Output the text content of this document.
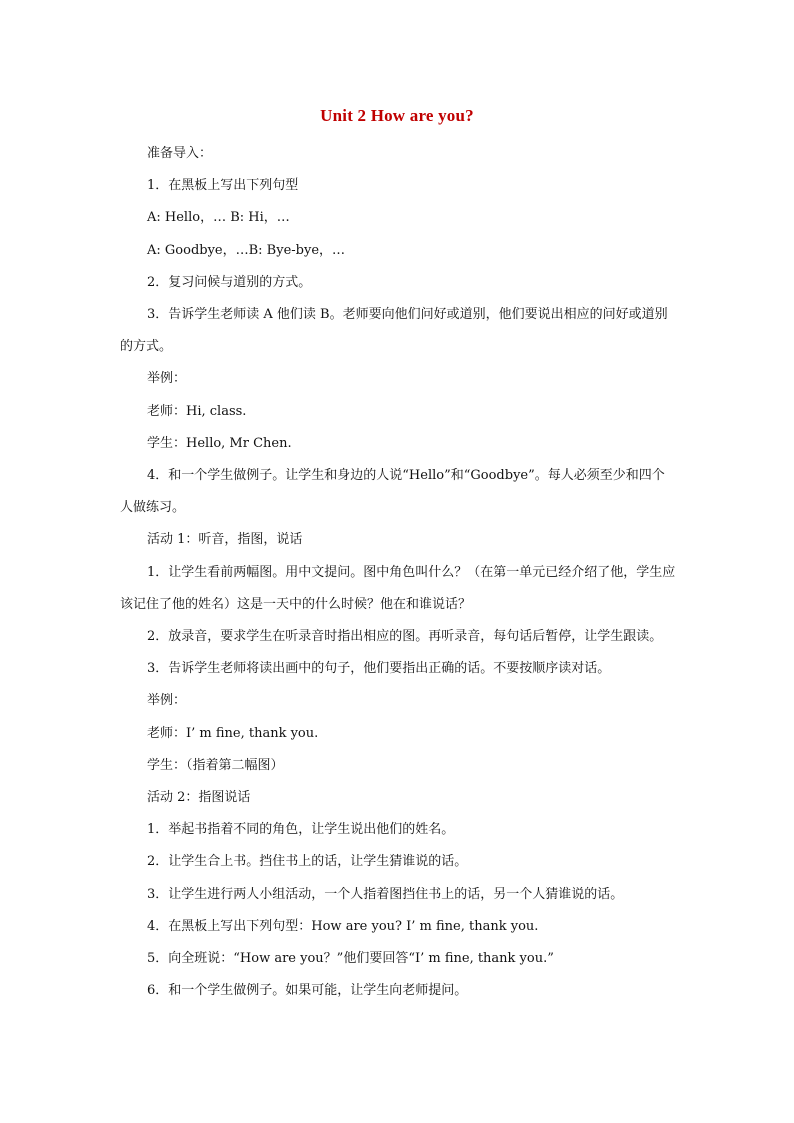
Unit 2 How are you?

准备导入：

1．在黑板上写出下列句型

A: Hello，… B: Hi，…

A: Goodbye，…B: Bye-bye，…

2．复习问候与道别的方式。

3．告诉学生老师读 A 他们读 B。老师要向他们问好或道别，他们要说出相应的问好或道别的方式。

举例：

老师：Hi, class.

学生：Hello, Mr Chen.

4．和一个学生做例子。让学生和身边的人说“Hello”和“Goodbye”。每人必须至少和四个人做练习。

活动 1：听音，指图，说话

1．让学生看前两幅图。用中文提问。图中角色叫什么？（在第一单元已经介绍了他，学生应该记住了他的姓名）这是一天中的什么时候？他在和谁说话？

2．放录音，要求学生在听录音时指出相应的图。再听录音，每句话后暂停，让学生跟读。

3．告诉学生老师将读出画中的句子，他们要指出正确的话。不要按顺序读对话。

举例：

老师：I’ m fine, thank you.

学生：（指着第二幅图）

活动 2：指图说话

1．举起书指着不同的角色，让学生说出他们的姓名。

2．让学生合上书。挡住书上的话，让学生猜谁说的话。

3．让学生进行两人小组活动，一个人指着图挡住书上的话，另一个人猜谁说的话。

4．在黑板上写出下列句型：How are you? I’ m fine, thank you.

5．向全班说：“How are you？”他们要回答“I’ m fine, thank you.”

6．和一个学生做例子。如果可能，让学生向老师提问。
